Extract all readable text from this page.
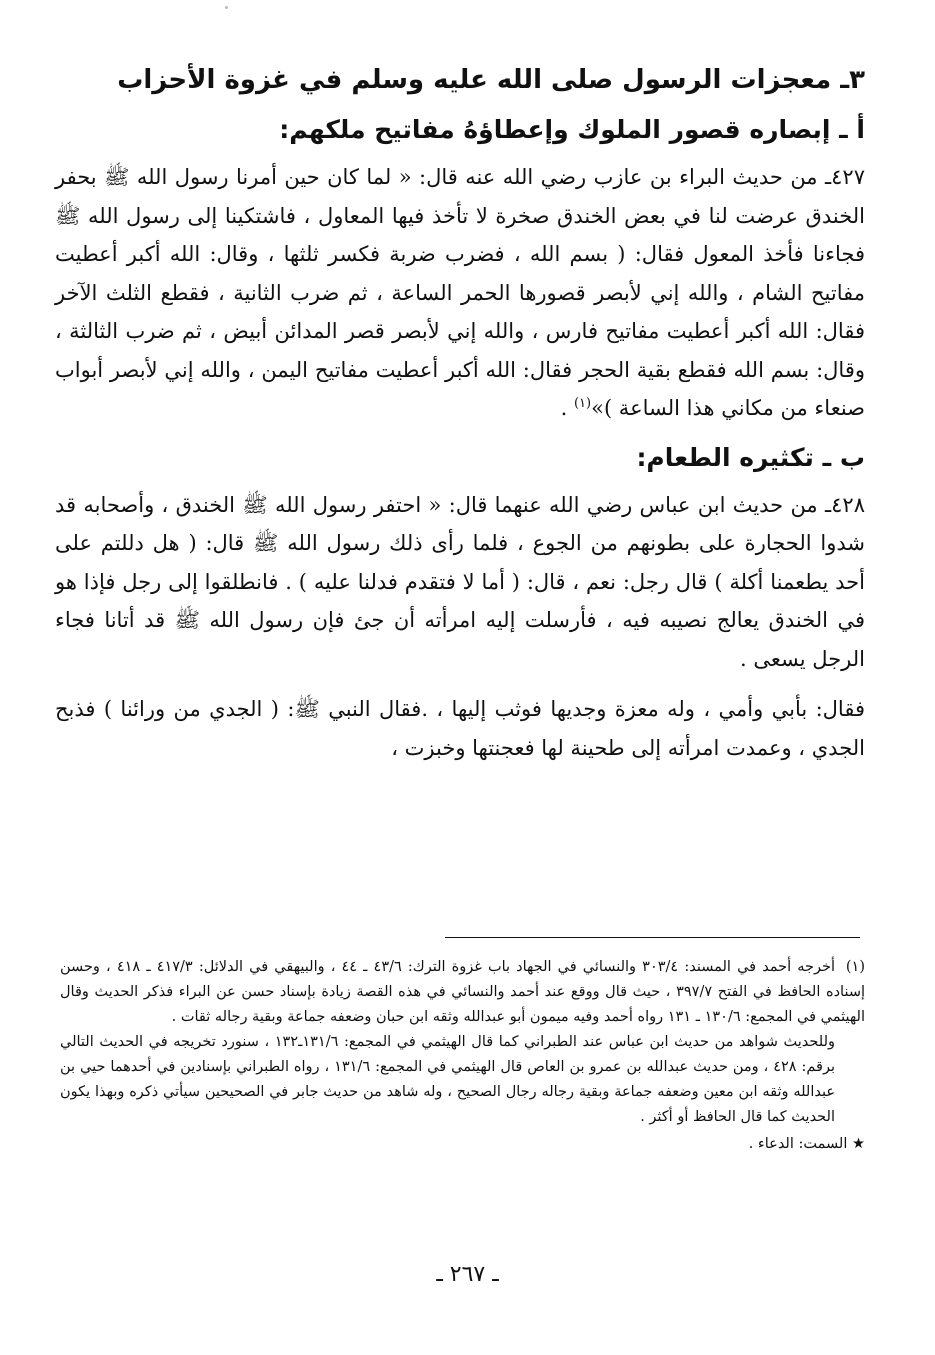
٣ـ معجزات الرسول صلى الله عليه وسلم في غزوة الأحزاب
أ ـ إبصاره قصور الملوك وإعطاؤهُ مفاتيح ملكهم:

٤٢٧ـ من حديث البراء بن عازب رضي الله عنه قال: « لما كان حين أمرنا رسول الله ﷺ بحفر الخندق عرضت لنا في بعض الخندق صخرة لا تأخذ فيها المعاول ، فاشتكينا إلى رسول الله ﷺ فجاءنا فأخذ المعول فقال: ( بسم الله ، فضرب ضربة فكسر ثلثها ، وقال: الله أكبر أعطيت مفاتيح الشام ، والله إني لأبصر قصورها الحمر الساعة ، ثم ضرب الثانية ، فقطع الثلث الآخر فقال: الله أكبر أعطيت مفاتيح فارس ، والله إني لأبصر قصر المدائن أبيض ، ثم ضرب الثالثة ، وقال: بسم الله فقطع بقية الحجر فقال: الله أكبر أعطيت مفاتيح اليمن ، والله إني لأبصر أبواب صنعاء من مكاني هذا الساعة )»$^{(١)}$ .

ب ـ تكثيره الطعام:

٤٢٨ـ من حديث ابن عباس رضي الله عنهما قال: « احتفر رسول الله ﷺ الخندق ، وأصحابه قد شدوا الحجارة على بطونهم من الجوع ، فلما رأى ذلك رسول الله ﷺ قال: ( هل دللتم على أحد يطعمنا أكلة ) قال رجل: نعم ، قال: ( أما لا فتقدم فدلنا عليه ) . فانطلقوا إلى رجل فإذا هو في الخندق يعالج نصيبه فيه ، فأرسلت إليه امرأته أن جئ فإن رسول الله ﷺ قد أتانا فجاء الرجل يسعى .

فقال: بأبي وأمي ، وله معزة وجديها فوثب إليها ، .فقال النبي ﷺ: ( الجدي من ورائنا ) فذبح الجدي ، وعمدت امرأته إلى طحينة لها فعجنتها وخبزت ،

(١)أخرجه أحمد في المسند: ٣٠٣/٤ والنسائي في الجهاد باب غزوة الترك: ٤٣/٦ ـ ٤٤ ، والبيهقي في الدلائل: ٤١٧/٣ ـ ٤١٨ ، وحسن إسناده الحافظ في الفتح ٣٩٧/٧ ، حيث قال ووقع عند أحمد والنسائي في هذه القصة زيادة بإسناد حسن عن البراء فذكر الحديث وقال الهيثمي في المجمع: ١٣٠/٦ ـ ١٣١ رواه أحمد وفيه ميمون أبو عبدالله وثقه ابن حبان وضعفه جماعة وبقية رجاله ثقات .

وللحديث شواهد من حديث ابن عباس عند الطبراني كما قال الهيثمي في المجمع: ١٣١/٦ـ١٣٢ ، سنورد تخريجه في الحديث التالي برقم: ٤٢٨ ، ومن حديث عبدالله بن عمرو بن العاص قال الهيثمي في المجمع: ١٣١/٦ ، رواه الطبراني بإسنادين في أحدهما حيي بن عبدالله وثقه ابن معين وضعفه جماعة وبقية رجاله رجال الصحيح ، وله شاهد من حديث جابر في الصحيحين سيأتي ذكره وبهذا يكون الحديث كما قال الحافظ أو أكثر .

★ السمت: الدعاء .

ـ ٢٦٧ ـ
